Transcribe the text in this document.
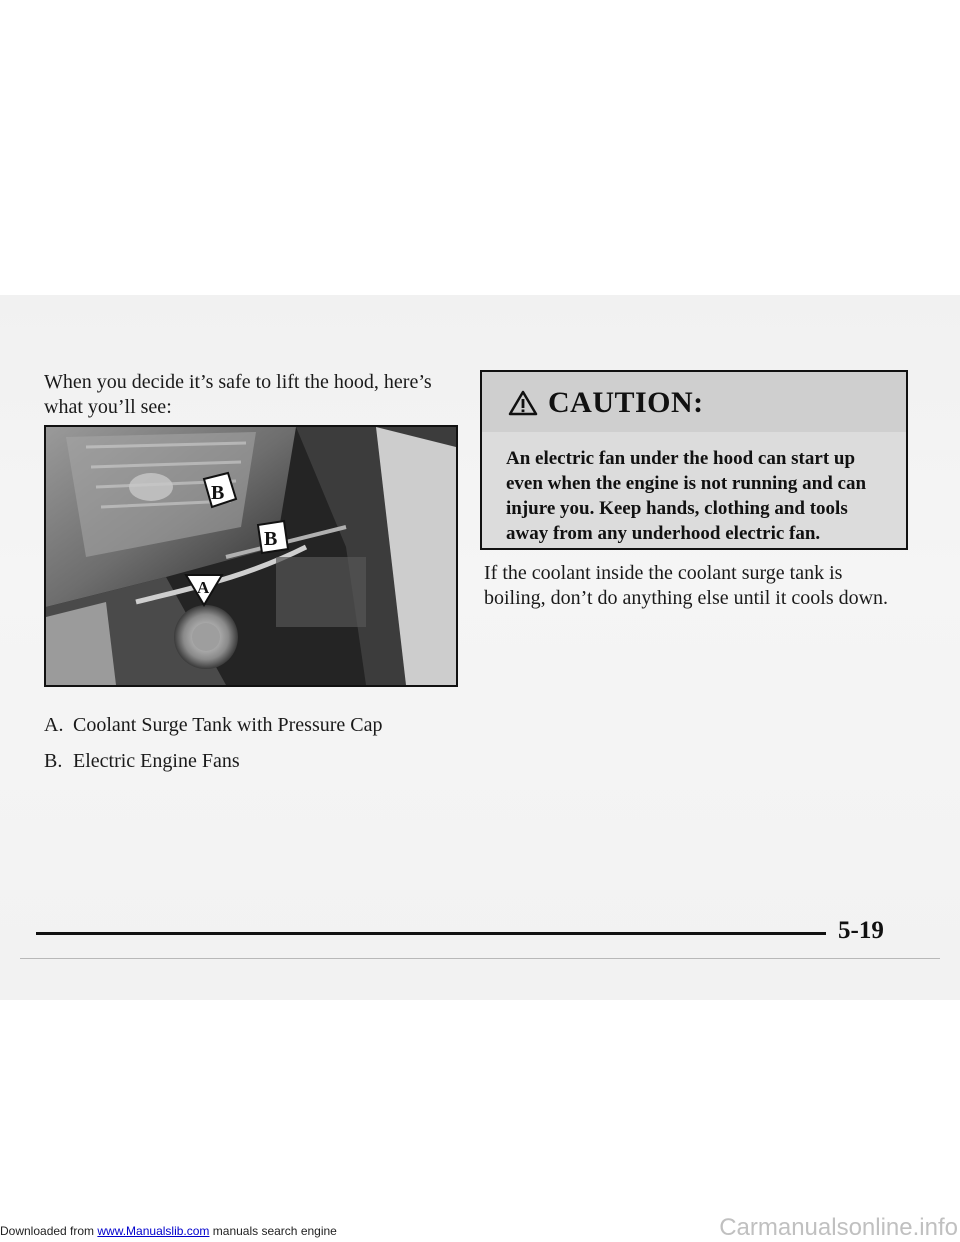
When you decide it’s safe to lift the hood, here’s what you’ll see:

B
B
A

A. Coolant Surge Tank with Pressure Cap

B. Electric Engine Fans

CAUTION:

An electric fan under the hood can start up even when the engine is not running and can injure you. Keep hands, clothing and tools away from any underhood electric fan.

If the coolant inside the coolant surge tank is boiling, don’t do anything else until it cools down.

5-19
Downloaded from www.Manualslib.com manuals search engine	Carmanualsonline.info
